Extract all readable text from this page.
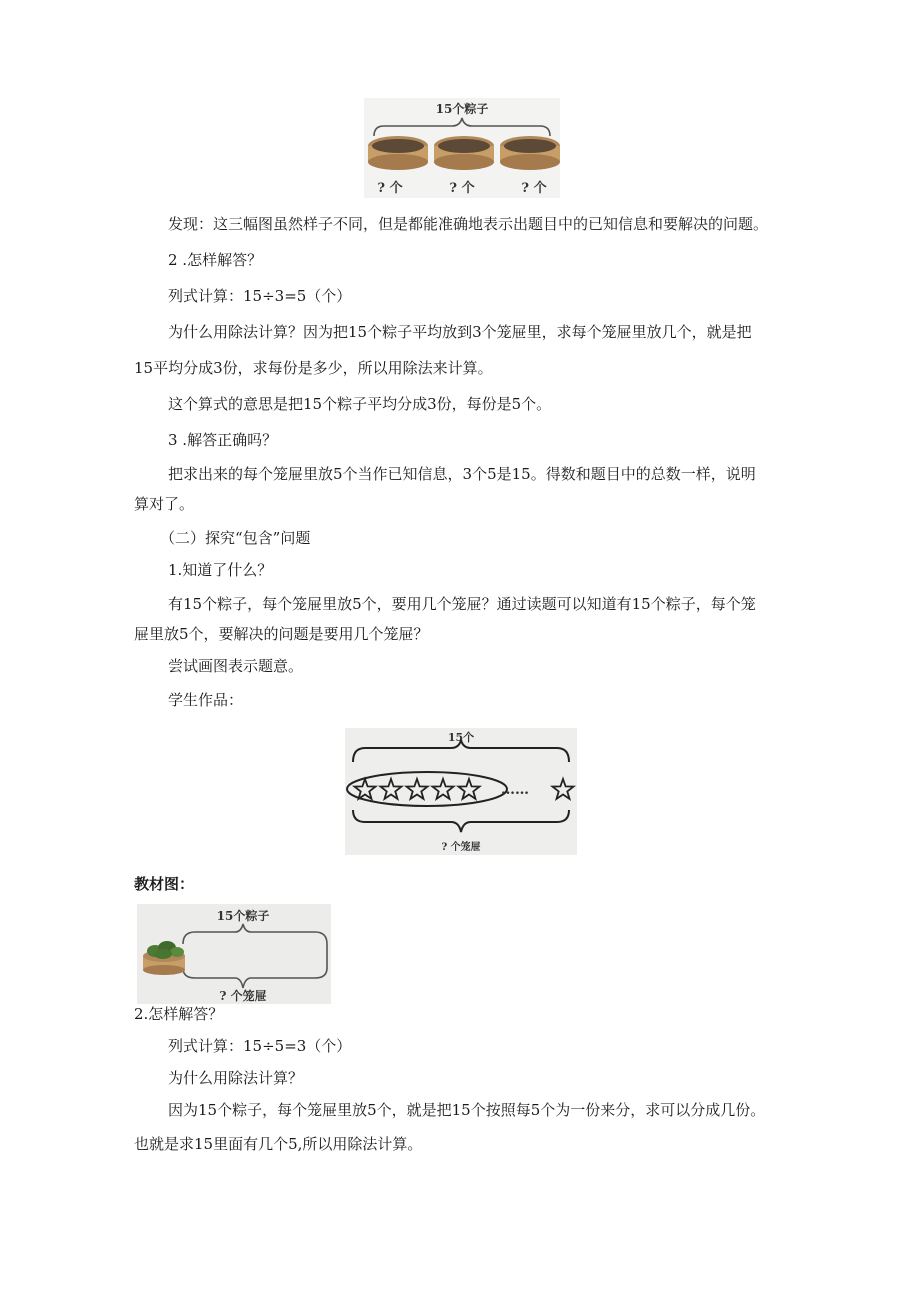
15个粽子
? 个	? 个	? 个
发现：这三幅图虽然样子不同，但是都能准确地表示出题目中的已知信息和要解决的问题。
2 .怎样解答？
列式计算：15÷3=5（个）
为什么用除法计算？因为把15个粽子平均放到3个笼屉里，求每个笼屉里放几个，就是把
15平均分成3份，求每份是多少，所以用除法来计算。
这个算式的意思是把15个粽子平均分成3份，每份是5个。
3 .解答正确吗？
把求出来的每个笼屉里放5个当作已知信息，3个5是15。得数和题目中的总数一样，说明
算对了。
（二）探究“包含”问题
1.知道了什么？
有15个粽子，每个笼屉里放5个，要用几个笼屉？通过读题可以知道有15个粽子，每个笼
屉里放5个，要解决的问题是要用几个笼屉？
尝试画图表示题意。
学生作品：
15个
……
? 个笼屉
教材图：
15个粽子
? 个笼屉
2.怎样解答？
列式计算：15÷5=3（个）
为什么用除法计算？
因为15个粽子，每个笼屉里放5个，就是把15个按照每5个为一份来分，求可以分成几份。
也就是求15里面有几个5,所以用除法计算。
